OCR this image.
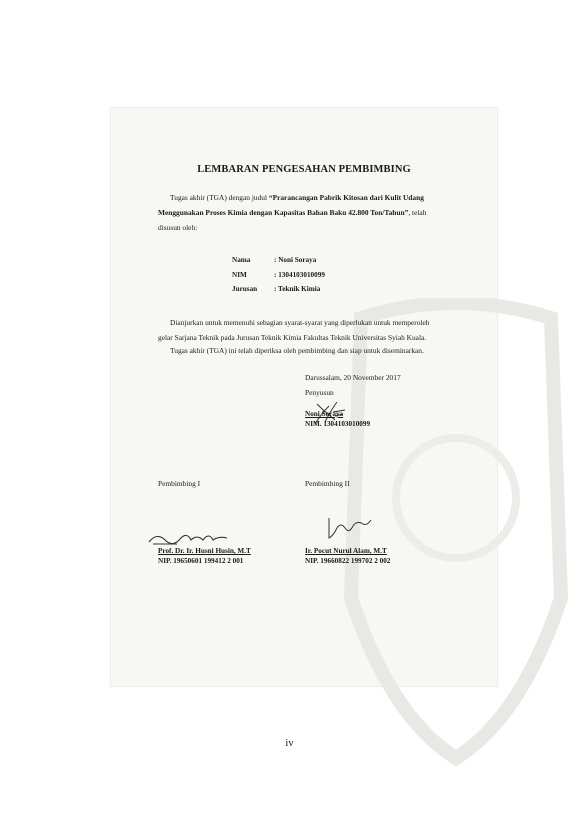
LEMBARAN PENGESAHAN PEMBIMBING
Tugas akhir (TGA) dengan judul “Prarancangan Pabrik Kitosan dari Kulit Udang
Menggunakan Proses Kimia dengan Kapasitas Bahan Baku 42.800 Ton/Tahun”, telah
disusun oleh:
Nama	: Noni Soraya
NIM	: 1304103010099
Jurusan : Teknik Kimia
Dianjurkan untuk memenuhi sebagian syarat-syarat yang diperlukan untuk memperoleh
gelar Sarjana Teknik pada Jurusan Teknik Kimia Fakultas Teknik Universitas Syiah Kuala.
Tugas akhir (TGA) ini telah diperiksa oleh pembimbing dan siap untuk diseminarkan.
Darussalam, 20 November 2017
Penyusun
Noni Soraya
NIM. 1304103010099
Pembimbing I	Pembimbing II
Prof. Dr. Ir. Husni Husin, M.T
NIP. 19650601 199412 2 001
Ir. Pocut Nurul Alam, M.T
NIP. 19660822 199702 2 002
iv
